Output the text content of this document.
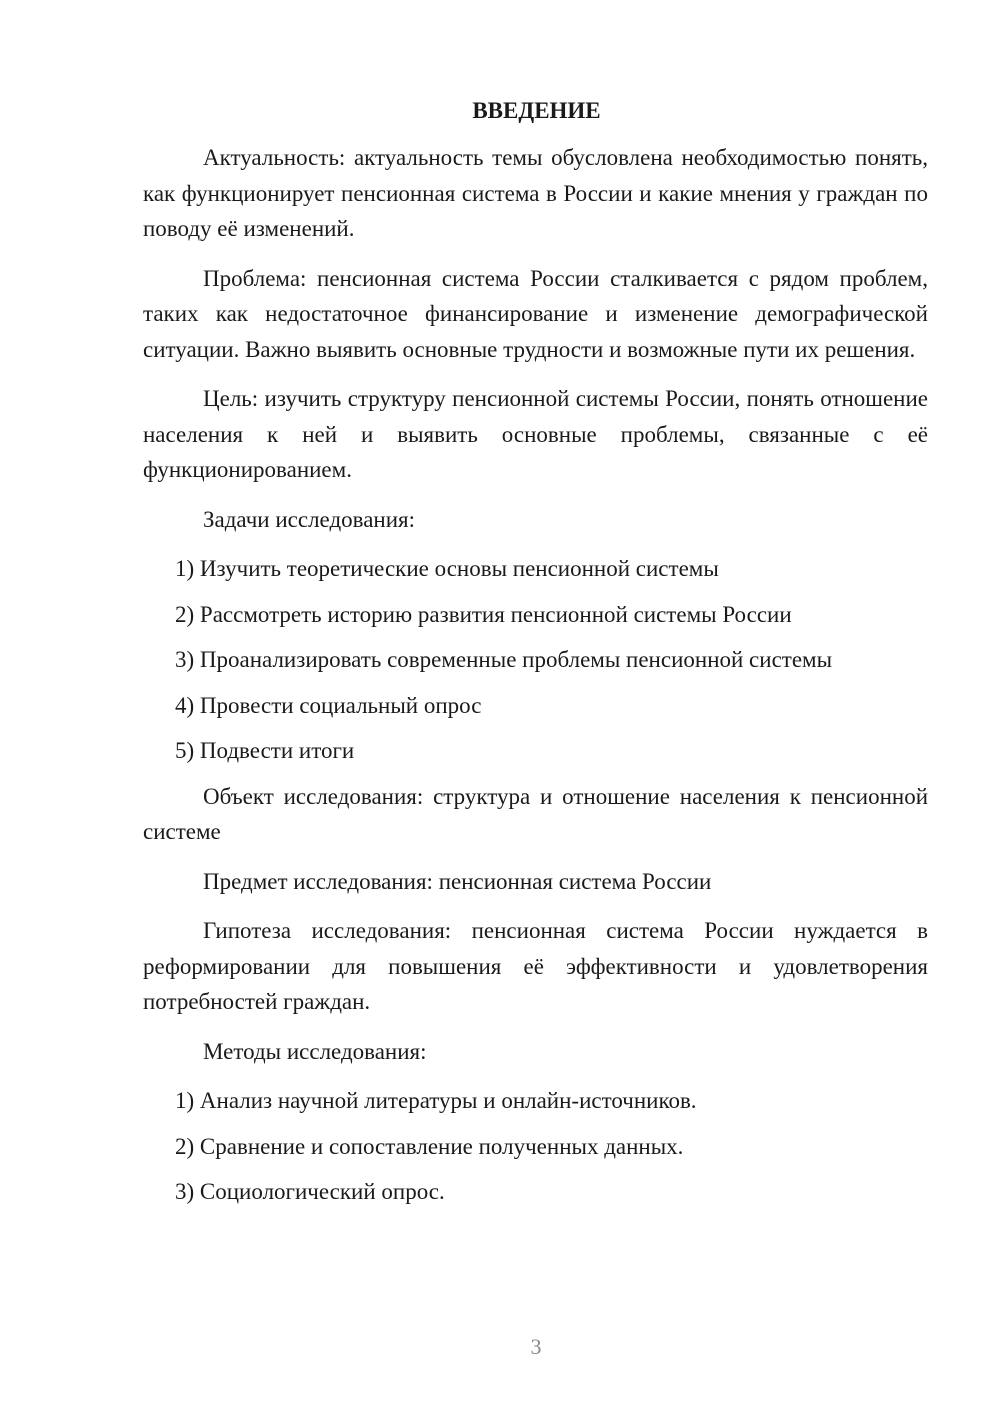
ВВЕДЕНИЕ

Актуальность: актуальность темы обусловлена необходимостью понять, как функционирует пенсионная система в России и какие мнения у граждан по поводу её изменений.

Проблема: пенсионная система России сталкивается с рядом проблем, таких как недостаточное финансирование и изменение демографической ситуации. Важно выявить основные трудности и возможные пути их решения.

Цель: изучить структуру пенсионной системы России, понять отношение населения к ней и выявить основные проблемы, связанные с её функционированием.

Задачи исследования:

1) Изучить теоретические основы пенсионной системы
2) Рассмотреть историю развития пенсионной системы России
3) Проанализировать современные проблемы пенсионной системы
4) Провести социальный опрос
5) Подвести итоги

Объект исследования: структура и отношение населения к пенсионной системе

Предмет исследования: пенсионная система России

Гипотеза исследования: пенсионная система России нуждается в реформировании для повышения её эффективности и удовлетворения потребностей граждан.

Методы исследования:

1) Анализ научной литературы и онлайн-источников.
2) Сравнение и сопоставление полученных данных.
3) Социологический опрос.
3
